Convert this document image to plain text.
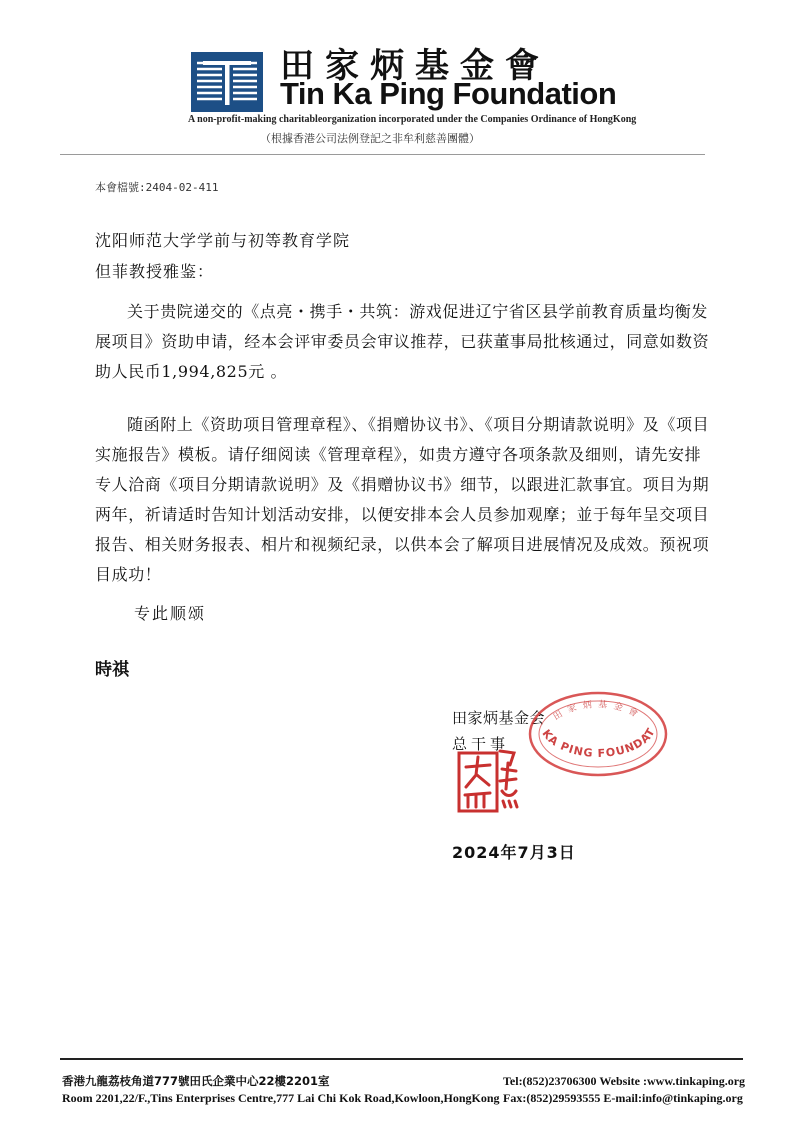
田家炳基金會
Tin Ka Ping Foundation
A non-profit-making charitableorganization incorporated under the Companies Ordinance of HongKong
（根據香港公司法例登記之非牟利慈善團體）
本會檔號:2404-02-411
沈阳师范大学学前与初等教育学院
但菲教授雅鉴：
关于贵院递交的《点亮・携手・共筑：游戏促进辽宁省区县学前教育质量均衡发展项目》资助申请，经本会评审委员会审议推荐，已获董事局批核通过，同意如数资助人民币1,994,825元 。
随函附上《资助项目管理章程》、《捐赠协议书》、《项目分期请款说明》及《项目实施报告》模板。请仔细阅读《管理章程》，如贵方遵守各项条款及细则，请先安排专人洽商《项目分期请款说明》及《捐赠协议书》细节，以跟进汇款事宜。项目为期两年，祈请适时告知计划活动安排，以便安排本会人员参加观摩；並于每年呈交项目报告、相关财务报表、相片和视频纪录，以供本会了解项目进展情况及成效。预祝项目成功！
专此顺颂
時祺
田家炳基金会
总干事
KA PING FOUNDAT
田家炳基金會
2024年7月3日
香港九龍荔枝角道777號田氏企業中心22樓2201室
Room 2201,22/F.,Tins Enterprises Centre,777 Lai Chi Kok Road,Kowloon,HongKong
Tel:(852)23706300 Website :www.tinkaping.org
Fax:(852)29593555 E-mail:info@tinkaping.org
